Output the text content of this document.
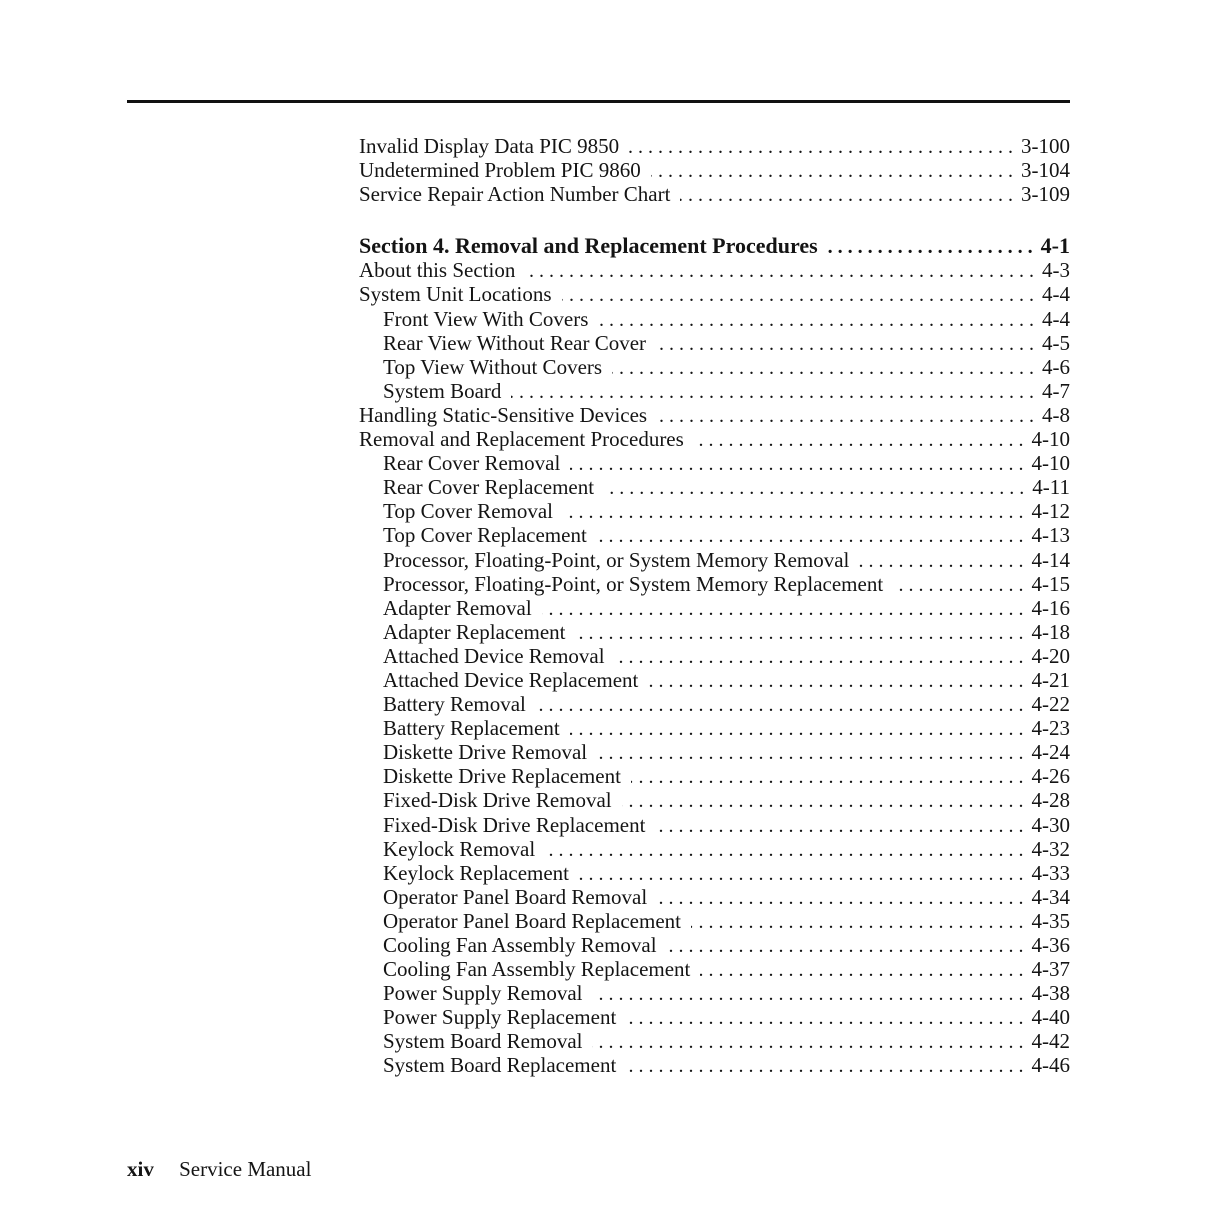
Invalid Display Data PIC 9850 . . .	3-100
Undetermined Problem PIC 9860 . . .	3-104
Service Repair Action Number Chart . . .	3-109
Section 4. Removal and Replacement Procedures . . .	4-1
About this Section . . .	4-3
System Unit Locations . . .	4-4
Front View With Covers . . .	4-4
Rear View Without Rear Cover . . .	4-5
Top View Without Covers . . .	4-6
System Board . . .	4-7
Handling Static-Sensitive Devices . . .	4-8
Removal and Replacement Procedures . . .	4-10
Rear Cover Removal . . .	4-10
Rear Cover Replacement . . .	4-11
Top Cover Removal . . .	4-12
Top Cover Replacement . . .	4-13
Processor, Floating-Point, or System Memory Removal . . .	4-14
Processor, Floating-Point, or System Memory Replacement . . .	4-15
Adapter Removal . . .	4-16
Adapter Replacement . . .	4-18
Attached Device Removal . . .	4-20
Attached Device Replacement . . .	4-21
Battery Removal . . .	4-22
Battery Replacement . . .	4-23
Diskette Drive Removal . . .	4-24
Diskette Drive Replacement . . .	4-26
Fixed-Disk Drive Removal . . .	4-28
Fixed-Disk Drive Replacement . . .	4-30
Keylock Removal . . .	4-32
Keylock Replacement . . .	4-33
Operator Panel Board Removal . . .	4-34
Operator Panel Board Replacement . . .	4-35
Cooling Fan Assembly Removal . . .	4-36
Cooling Fan Assembly Replacement . . .	4-37
Power Supply Removal . . .	4-38
Power Supply Replacement . . .	4-40
System Board Removal . . .	4-42
System Board Replacement . . .	4-46
xiv Service Manual
